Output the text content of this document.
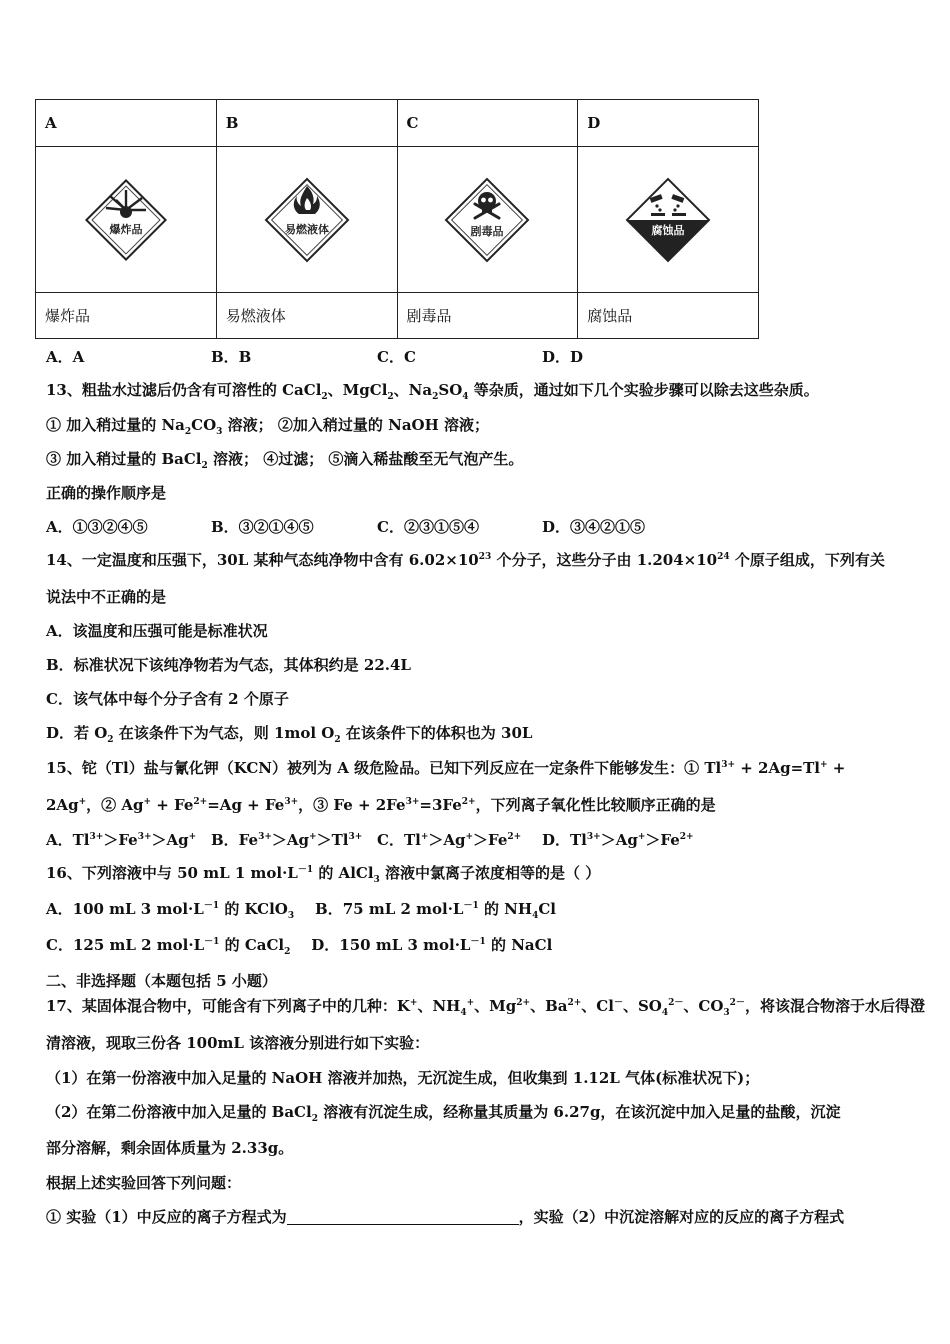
A	B	C	D

爆炸品	易燃液体	剧毒品	腐蚀品

爆炸品	易燃液体	剧毒品	腐蚀品
A．A	B．B	C．C	D．D
13、粗盐水过滤后仍含有可溶性的 CaCl$_2$、MgCl$_2$、$Na_2SO_4$ 等杂质，通过如下几个实验步骤可以除去这些杂质。
① 加入稍过量的 $Na_2CO_3$ 溶液； ②加入稍过量的 NaOH 溶液；
③ 加入稍过量的 BaCl$_2$ 溶液； ④过滤； ⑤滴入稀盐酸至无气泡产生。
正确的操作顺序是
A．①③②④⑤	B．③②①④⑤	C．②③①⑤④	D．③④②①⑤
14、一定温度和压强下，30L 某种气态纯净物中含有 $6.02\times 10^{23}$ 个分子，这些分子由 $1.204\times 10^{24}$ 个原子组成，下列有关
说法中不正确的是
A．该温度和压强可能是标准状况
B．标准状况下该纯净物若为气态，其体积约是 22.4L
C．该气体中每个分子含有 2 个原子
D．若 $O_2$ 在该条件下为气态，则 1mol $O_2$ 在该条件下的体积也为 30L
15、铊（Tl）盐与氰化钾（KCN）被列为 A 级危险品。已知下列反应在一定条件下能够发生：① $Tl^{3+} + 2Ag=Tl^+$ +
2Ag+，② $Ag^+ + Fe^{2+}=Ag + Fe^{3+}$，③ $Fe + 2Fe^{3+}=3Fe^{2+}$，下列离子氧化性比较顺序正确的是
A．$Tl^{3+}>Fe^{3+}>Ag^+$ B．$Fe^{3+}>Ag^+>Tl^{3+}$ C．$Tl^+>Ag^+>Fe^{2+}$ D．$Tl^{3+}>Ag^+>Fe^{2+}$
16、下列溶液中与 50 mL 1 $mol\cdot L^{-1}$ 的 AlCl$_3$ 溶液中氯离子浓度相等的是（ ）
A．100 mL 3 $mol\cdot L^{-1}$ 的 KClO$_3$ B．75 mL 2 $mol\cdot L^{-1}$ 的 $NH_4Cl$
C．125 mL 2 $mol\cdot L^{-1}$ 的 CaCl$_2$ D．150 mL 3 $mol\cdot L^{-1}$ 的 NaCl
二、非选择题（本题包括 5 小题）
17、某固体混合物中，可能含有下列离子中的几种：K+、$NH_4^+$、$Mg^{2+}$、$Ba^{2+}$、Cl－、$SO_4^{2-}$、$CO_3^{2-}$，将该混合物溶于水后得澄
清溶液，现取三份各 100mL 该溶液分别进行如下实验：
（1）在第一份溶液中加入足量的 NaOH 溶液并加热，无沉淀生成，但收集到 1.12L 气体(标准状况下)；
（2）在第二份溶液中加入足量的 BaCl$_2$ 溶液有沉淀生成，经称量其质量为 6.27g，在该沉淀中加入足量的盐酸，沉淀
部分溶解，剩余固体质量为 2.33g。
根据上述实验回答下列问题：
① 实验（1）中反应的离子方程式为	，实验（2）中沉淀溶解对应的反应的离子方程式
